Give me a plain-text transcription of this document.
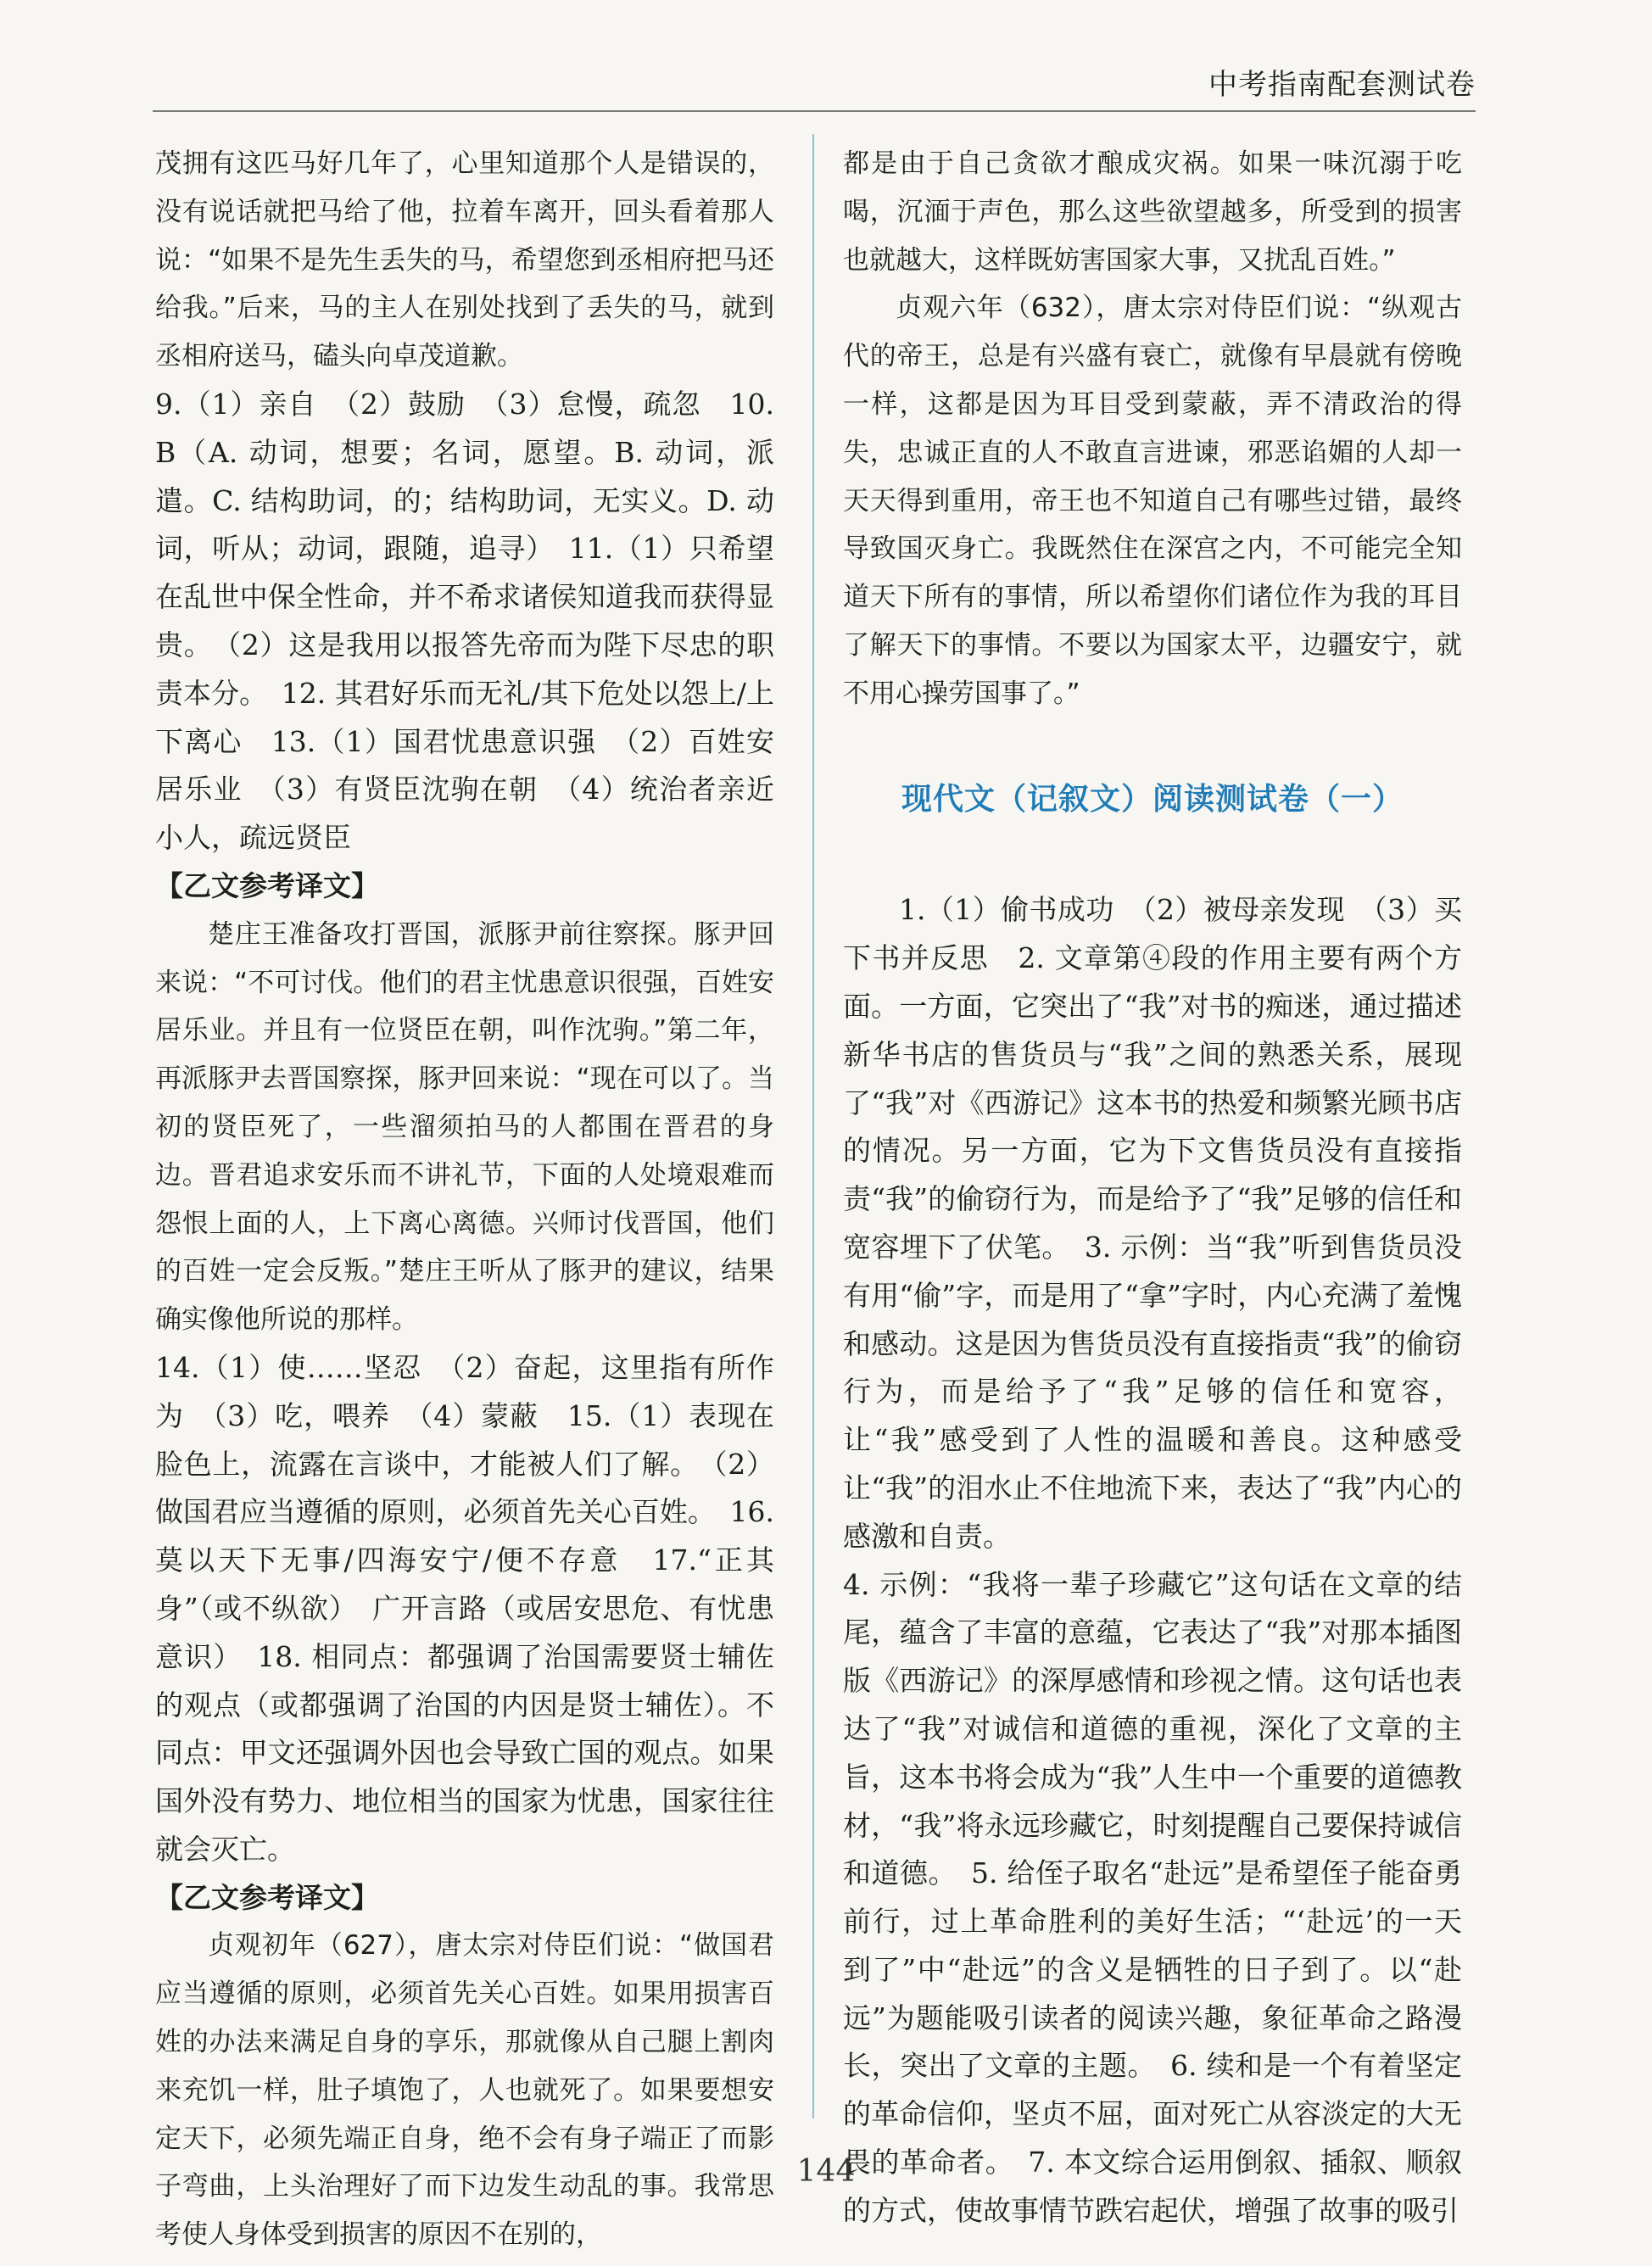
中考指南配套测试卷

茂拥有这匹马好几年了，心里知道那个人是错误的，没有说话就把马给了他，拉着车离开，回头看着那人说：“如果不是先生丢失的马，希望您到丞相府把马还给我。”后来，马的主人在别处找到了丢失的马，就到丞相府送马，磕头向卓茂道歉。

9.（1）亲自　（2）鼓励　（3）怠慢，疏忽　10. B（A. 动词，想要；名词，愿望。B. 动词，派遣。C. 结构助词，的；结构助词，无实义。D. 动词，听从；动词，跟随，追寻）　11.（1）只希望在乱世中保全性命，并不希求诸侯知道我而获得显贵。　（2）这是我用以报答先帝而为陛下尽忠的职责本分。　12. 其君好乐而无礼/其下危处以怨上/上下离心　13.（1）国君忧患意识强　（2）百姓安居乐业　（3）有贤臣沈驹在朝　（4）统治者亲近小人，疏远贤臣

【乙文参考译文】

楚庄王准备攻打晋国，派豚尹前往察探。豚尹回来说：“不可讨伐。他们的君主忧患意识很强，百姓安居乐业。并且有一位贤臣在朝，叫作沈驹。”第二年，再派豚尹去晋国察探，豚尹回来说：“现在可以了。当初的贤臣死了，一些溜须拍马的人都围在晋君的身边。晋君追求安乐而不讲礼节，下面的人处境艰难而怨恨上面的人，上下离心离德。兴师讨伐晋国，他们的百姓一定会反叛。”楚庄王听从了豚尹的建议，结果确实像他所说的那样。

14.（1）使……坚忍　（2）奋起，这里指有所作为　（3）吃，喂养　（4）蒙蔽　15.（1）表现在脸色上，流露在言谈中，才能被人们了解。　（2）做国君应当遵循的原则，必须首先关心百姓。　16. 莫以天下无事/四海安宁/便不存意　17.“正其身”（或不纵欲）　广开言路（或居安思危、有忧患意识）　18. 相同点：都强调了治国需要贤士辅佐的观点（或都强调了治国的内因是贤士辅佐）。不同点：甲文还强调外因也会导致亡国的观点。如果国外没有势力、地位相当的国家为忧患，国家往往就会灭亡。

【乙文参考译文】

贞观初年（627），唐太宗对侍臣们说：“做国君应当遵循的原则，必须首先关心百姓。如果用损害百姓的办法来满足自身的享乐，那就像从自己腿上割肉来充饥一样，肚子填饱了，人也就死了。如果要想安定天下，必须先端正自身，绝不会有身子端正了而影子弯曲，上头治理好了而下边发生动乱的事。我常思考使人身体受到损害的原因不在别的，

都是由于自己贪欲才酿成灾祸。如果一味沉溺于吃喝，沉湎于声色，那么这些欲望越多，所受到的损害也就越大，这样既妨害国家大事，又扰乱百姓。”

贞观六年（632），唐太宗对侍臣们说：“纵观古代的帝王，总是有兴盛有衰亡，就像有早晨就有傍晚一样，这都是因为耳目受到蒙蔽，弄不清政治的得失，忠诚正直的人不敢直言进谏，邪恶谄媚的人却一天天得到重用，帝王也不知道自己有哪些过错，最终导致国灭身亡。我既然住在深宫之内，不可能完全知道天下所有的事情，所以希望你们诸位作为我的耳目了解天下的事情。不要以为国家太平，边疆安宁，就不用心操劳国事了。”

现代文（记叙文）阅读测试卷（一）

1.（1）偷书成功　（2）被母亲发现　（3）买下书并反思　2. 文章第④段的作用主要有两个方面。一方面，它突出了“我”对书的痴迷，通过描述新华书店的售货员与“我”之间的熟悉关系，展现了“我”对《西游记》这本书的热爱和频繁光顾书店的情况。另一方面，它为下文售货员没有直接指责“我”的偷窃行为，而是给予了“我”足够的信任和宽容埋下了伏笔。　3. 示例：当“我”听到售货员没有用“偷”字，而是用了“拿”字时，内心充满了羞愧和感动。这是因为售货员没有直接指责“我”的偷窃行为，而是给予了“我”足够的信任和宽容，让“我”感受到了人性的温暖和善良。这种感受让“我”的泪水止不住地流下来，表达了“我”内心的感激和自责。

4. 示例：“我将一辈子珍藏它”这句话在文章的结尾，蕴含了丰富的意蕴，它表达了“我”对那本插图版《西游记》的深厚感情和珍视之情。这句话也表达了“我”对诚信和道德的重视，深化了文章的主旨，这本书将会成为“我”人生中一个重要的道德教材，“我”将永远珍藏它，时刻提醒自己要保持诚信和道德。　5. 给侄子取名“赴远”是希望侄子能奋勇前行，过上革命胜利的美好生活；“‘赴远’的一天到了”中“赴远”的含义是牺牲的日子到了。以“赴远”为题能吸引读者的阅读兴趣，象征革命之路漫长，突出了文章的主题。　6. 续和是一个有着坚定的革命信仰，坚贞不屈，面对死亡从容淡定的大无畏的革命者。　7. 本文综合运用倒叙、插叙、顺叙的方式，使故事情节跌宕起伏，增强了故事的吸引

144
